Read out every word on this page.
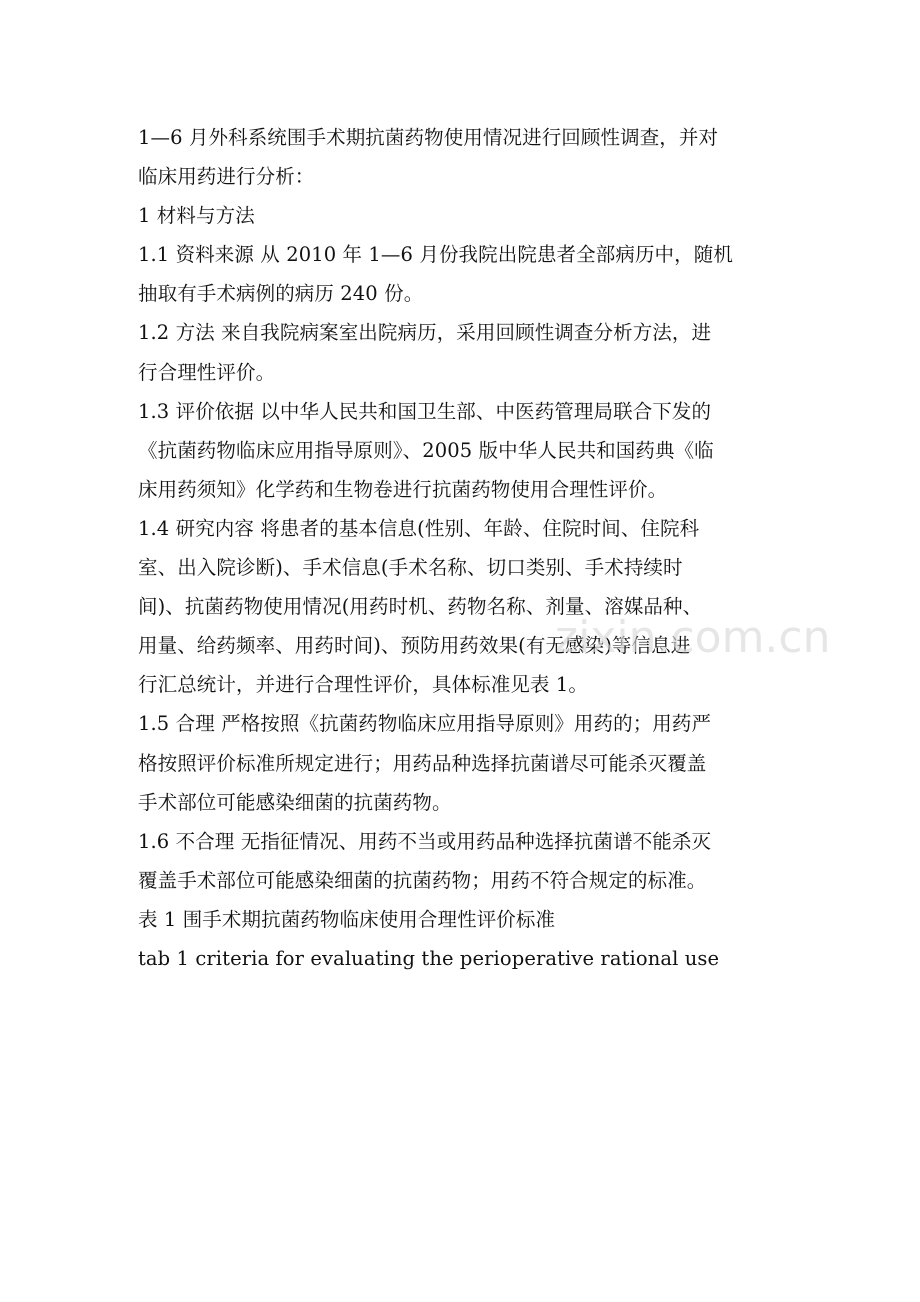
1—6 月外科系统围手术期抗菌药物使用情况进行回顾性调查，并对
临床用药进行分析：
1 材料与方法
1.1 资料来源 从 2010 年 1—6 月份我院出院患者全部病历中，随机
抽取有手术病例的病历 240 份。
1.2 方法 来自我院病案室出院病历，采用回顾性调查分析方法，进
行合理性评价。
1.3 评价依据 以中华人民共和国卫生部、中医药管理局联合下发的
《抗菌药物临床应用指导原则》、2005 版中华人民共和国药典《临
床用药须知》化学药和生物卷进行抗菌药物使用合理性评价。
1.4 研究内容 将患者的基本信息(性别、年龄、住院时间、住院科
室、出入院诊断)、手术信息(手术名称、切口类别、手术持续时
间)、抗菌药物使用情况(用药时机、药物名称、剂量、溶媒品种、
用量、给药频率、用药时间)、预防用药效果(有无感染)等信息进
行汇总统计，并进行合理性评价，具体标准见表 1。
1.5 合理 严格按照《抗菌药物临床应用指导原则》用药的；用药严
格按照评价标准所规定进行；用药品种选择抗菌谱尽可能杀灭覆盖
手术部位可能感染细菌的抗菌药物。
1.6 不合理 无指征情况、用药不当或用药品种选择抗菌谱不能杀灭
覆盖手术部位可能感染细菌的抗菌药物；用药不符合规定的标准。
表 1 围手术期抗菌药物临床使用合理性评价标准
tab 1 criteria for evaluating the perioperative rational use
zixin.com.cn
